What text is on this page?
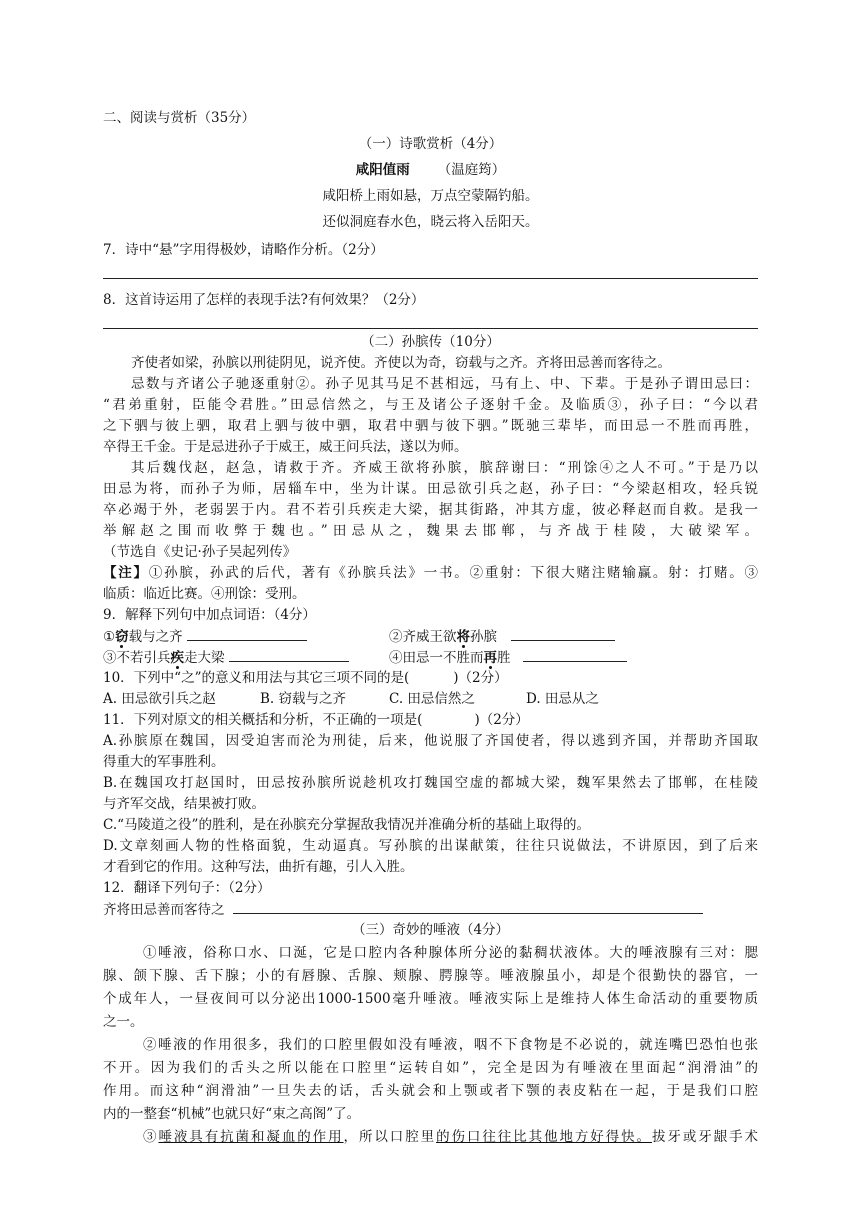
二、阅读与赏析（35分）
（一）诗歌赏析（4分）
咸阳值雨 （温庭筠）
咸阳桥上雨如悬，万点空蒙隔钓船。
还似洞庭春水色，晓云将入岳阳天。
7．诗中“悬”字用得极妙，请略作分析。（2分）
8．这首诗运用了怎样的表现手法?有何效果？（2分）
（二）孙膑传（10分）
齐使者如梁，孙膑以刑徒阴见，说齐使。齐使以为奇，窃载与之齐。齐将田忌善而客待之。
忌数与齐诸公子驰逐重射②。孙子见其马足不甚相远，马有上、中、下辈。于是孙子谓田忌曰：
“君弟重射，臣能令君胜。”田忌信然之，与王及诸公子逐射千金。及临质③，孙子曰：“今以君
之下驷与彼上驷，取君上驷与彼中驷，取君中驷与彼下驷。”既驰三辈毕，而田忌一不胜而再胜，
卒得王千金。于是忌进孙子于威王，威王问兵法，遂以为师。
其后魏伐赵，赵急，请救于齐。齐威王欲将孙膑，膑辞谢曰：“刑馀④之人不可。”于是乃以
田忌为将，而孙子为师，居辎车中，坐为计谋。田忌欲引兵之赵，孙子曰：“今梁赵相攻，轻兵锐
卒必竭于外，老弱罢于内。君不若引兵疾走大梁，据其街路，冲其方虚，彼必释赵而自救。是我一
举解赵之围而收弊于魏也。”田忌从之，魏果去邯郸，与齐战于桂陵，大破梁军。
（节选自《史记·孙子吴起列传》
【注】①孙膑，孙武的后代，著有《孙膑兵法》一书。②重射：下很大赌注赌输赢。射：打赌。③
临质：临近比赛。④刑馀：受刑。
9．解释下列句中加点词语：（4分）
①窃载与之齐	②齐威王欲将孙膑
③不若引兵疾走大梁	④田忌一不胜而再胜
10．下列中“之”的意义和用法与其它三项不同的是(	)（2分）
A. 田忌欲引兵之赵	B. 窃载与之齐	C. 田忌信然之	D. 田忌从之
11．下列对原文的相关概括和分析，不正确的一项是(	)（2分）
A.孙膑原在魏国，因受迫害而沦为刑徒，后来，他说服了齐国使者，得以逃到齐国，并帮助齐国取
得重大的军事胜利。
B.在魏国攻打赵国时，田忌按孙膑所说趁机攻打魏国空虚的都城大梁，魏军果然去了邯郸，在桂陵
与齐军交战，结果被打败。
C.“马陵道之役”的胜利，是在孙膑充分掌握敌我情况并准确分析的基础上取得的。
D.文章刻画人物的性格面貌，生动逼真。写孙膑的出谋献策，往往只说做法，不讲原因，到了后来
才看到它的作用。这种写法，曲折有趣，引人入胜。
12．翻译下列句子：（2分）
齐将田忌善而客待之
（三）奇妙的唾液（4分）
①唾液，俗称口水、口涎，它是口腔内各种腺体所分泌的黏稠状液体。大的唾液腺有三对：腮
腺、颌下腺、舌下腺；小的有唇腺、舌腺、颊腺、腭腺等。唾液腺虽小，却是个很勤快的器官，一
个成年人，一昼夜间可以分泌出1000-1500毫升唾液。唾液实际上是维持人体生命活动的重要物质
之一。
②唾液的作用很多，我们的口腔里假如没有唾液，咽不下食物是不必说的，就连嘴巴恐怕也张
不开。因为我们的舌头之所以能在口腔里“运转自如”，完全是因为有唾液在里面起“润滑油”的
作用。而这种“润滑油”一旦失去的话，舌头就会和上颚或者下颚的表皮粘在一起，于是我们口腔
内的一整套“机械”也就只好“束之高阁”了。
③唾液具有抗菌和凝血的作用，所以口腔里的伤口往往比其他地方好得快。拔牙或牙龈手术
